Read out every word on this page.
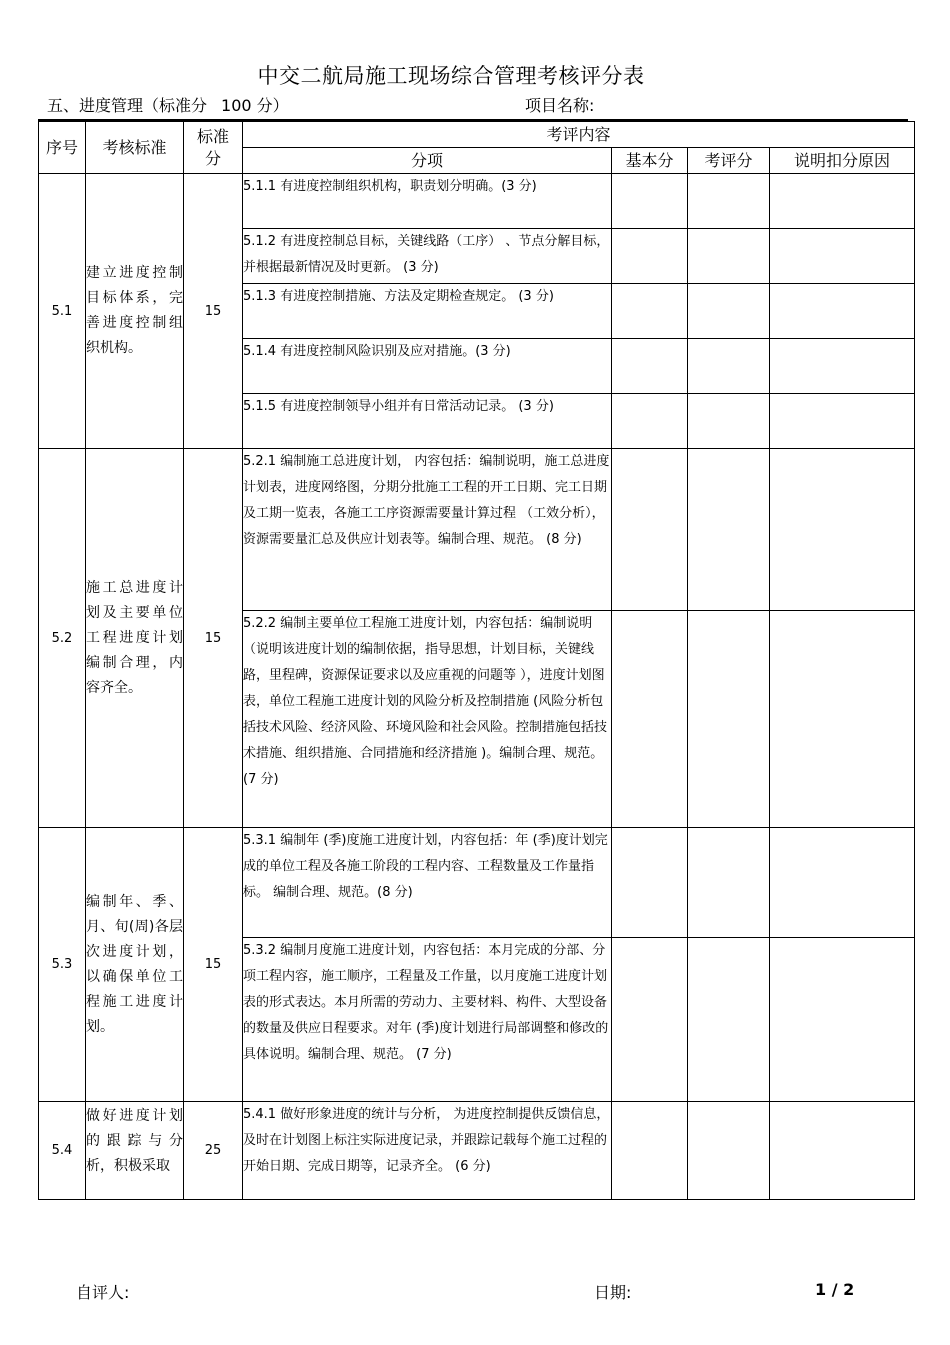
中交二航局施工现场综合管理考核评分表
五、进度管理（标准分 100 分）	项目名称:
序号	考核标准	标准分	考评内容			
			分项	基本分	考评分	说明扣分原因
5.1	建立进度控制目标体系，完善进度控制组织机构。	15	5.1.1 有进度控制组织机构，职责划分明确。(3 分)			
			5.1.2 有进度控制总目标，关键线路（工序） 、节点分解目标，并根据最新情况及时更新。 (3 分)			
			5.1.3 有进度控制措施、方法及定期检查规定。 (3 分)			
			5.1.4 有进度控制风险识别及应对措施。(3 分)			
			5.1.5 有进度控制领导小组并有日常活动记录。 (3 分)			
5.2	施工总进度计划及主要单位工程进度计划编制合理，内容齐全。	15	5.2.1 编制施工总进度计划， 内容包括：编制说明，施工总进度计划表，进度网络图，分期分批施工工程的开工日期、完工日期及工期一览表，各施工工序资源需要量计算过程 （工效分析），资源需要量汇总及供应计划表等。编制合理、规范。 (8 分)			
			5.2.2 编制主要单位工程施工进度计划，内容包括：编制说明（说明该进度计划的编制依据，指导思想，计划目标，关键线路，里程碑，资源保证要求以及应重视的问题等 ），进度计划图表，单位工程施工进度计划的风险分析及控制措施 (风险分析包括技术风险、经济风险、环境风险和社会风险。控制措施包括技术措施、组织措施、合同措施和经济措施 )。编制合理、规范。 (7 分)			
5.3	编制年、季、月、旬(周)各层次进度计划，以确保单位工程施工进度计划。	15	5.3.1 编制年 (季)度施工进度计划，内容包括：年 (季)度计划完成的单位工程及各施工阶段的工程内容、工程数量及工作量指标。 编制合理、规范。(8 分)			
			5.3.2 编制月度施工进度计划，内容包括：本月完成的分部、分项工程内容，施工顺序，工程量及工作量，以月度施工进度计划表的形式表达。本月所需的劳动力、主要材料、构件、大型设备的数量及供应日程要求。对年 (季)度计划进行局部调整和修改的具体说明。编制合理、规范。 (7 分)			
5.4	做好进度计划的跟踪与分析，积极采取	25	5.4.1 做好形象进度的统计与分析， 为进度控制提供反馈信息， 及时在计划图上标注实际进度记录，并跟踪记载每个施工过程的开始日期、完成日期等，记录齐全。 (6 分)			
自评人:	日期:	1 / 2
